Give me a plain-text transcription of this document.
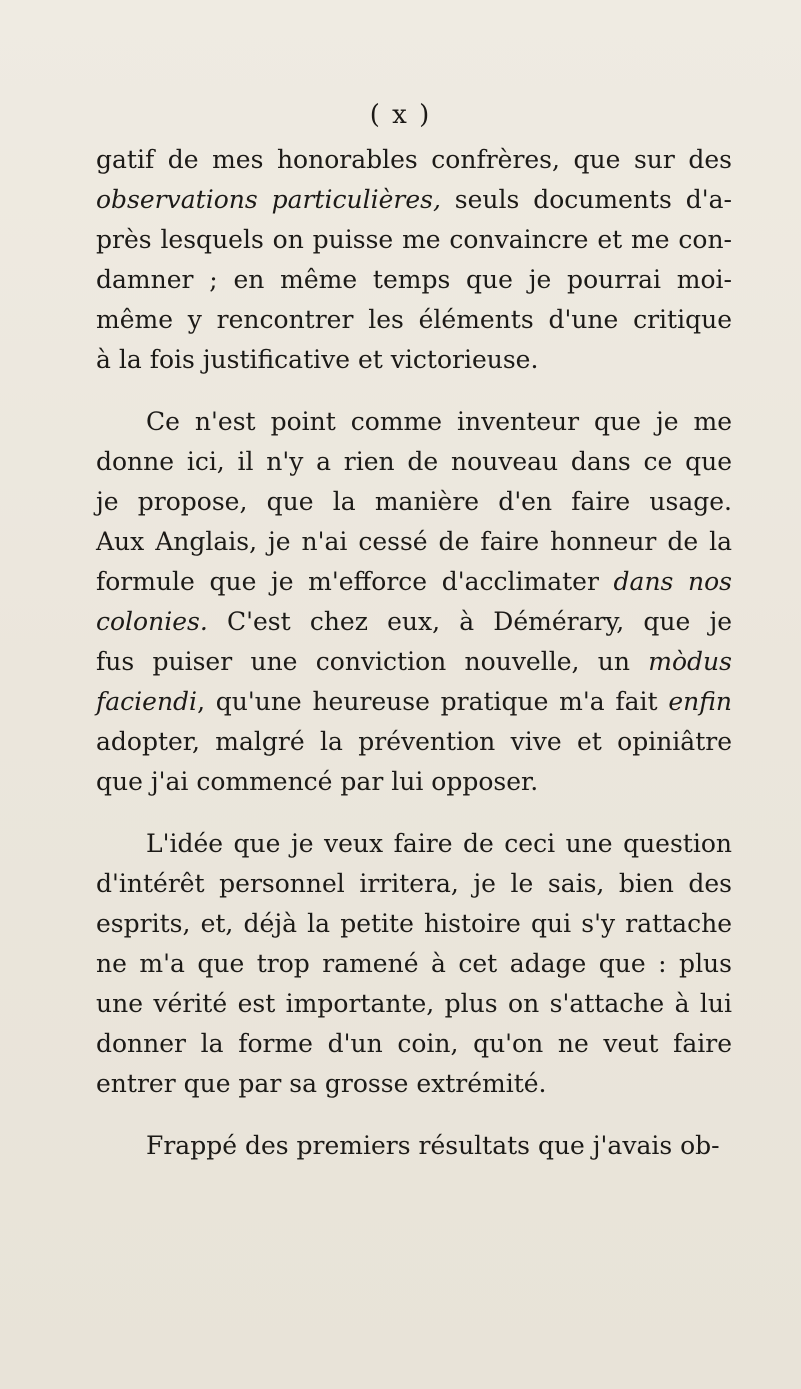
( x )

gatif de mes honorables confrères, que sur des
observations particulières, seuls documents d'a-
près lesquels on puisse me convaincre et me con-
damner ; en même temps que je pourrai moi-
même y rencontrer les éléments d'une critique
à la fois justificative et victorieuse.

Ce n'est point comme inventeur que je me
donne ici, il n'y a rien de nouveau dans ce que
je propose, que la manière d'en faire usage.
Aux Anglais, je n'ai cessé de faire honneur de la
formule que je m'efforce d'acclimater dans nos
colonies. C'est chez eux, à Démérary, que je
fus puiser une conviction nouvelle, un mòdus
faciendi, qu'une heureuse pratique m'a fait enfin
adopter, malgré la prévention vive et opiniâtre
que j'ai commencé par lui opposer.

L'idée que je veux faire de ceci une question
d'intérêt personnel irritera, je le sais, bien des
esprits, et, déjà la petite histoire qui s'y rattache
ne m'a que trop ramené à cet adage que : plus
une vérité est importante, plus on s'attache à lui
donner la forme d'un coin, qu'on ne veut faire
entrer que par sa grosse extrémité.

Frappé des premiers résultats que j'avais ob-
